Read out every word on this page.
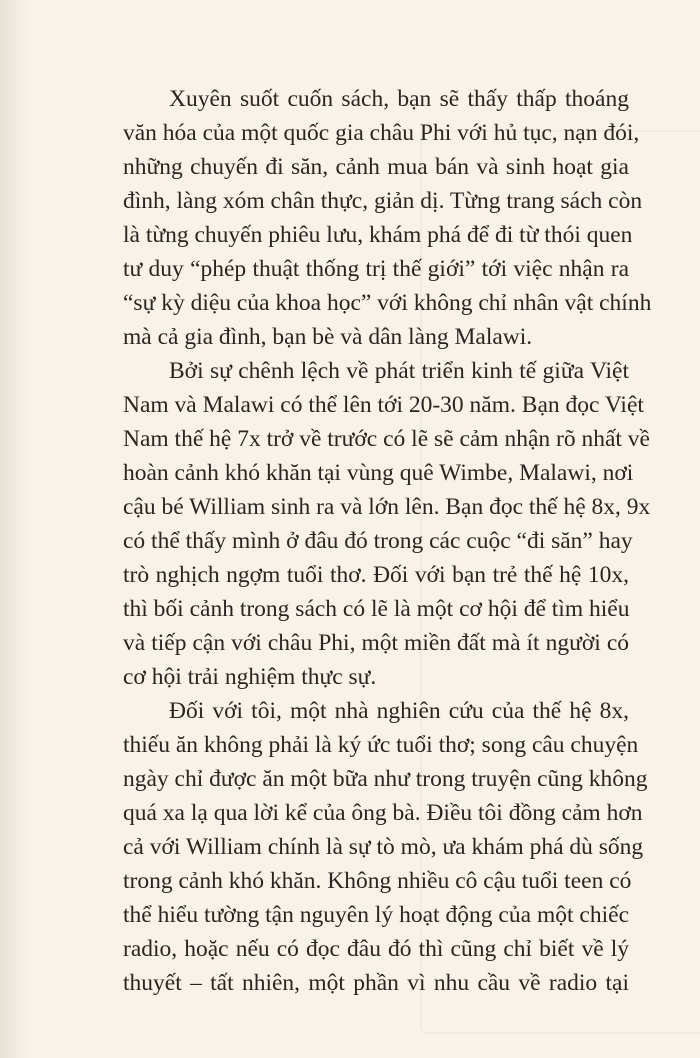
Xuyên suốt cuốn sách, bạn sẽ thấy thấp thoáng
văn hóa của một quốc gia châu Phi với hủ tục, nạn đói,
những chuyến đi săn, cảnh mua bán và sinh hoạt gia
đình, làng xóm chân thực, giản dị. Từng trang sách còn
là từng chuyến phiêu lưu, khám phá để đi từ thói quen
tư duy “phép thuật thống trị thế giới” tới việc nhận ra
“sự kỳ diệu của khoa học” với không chỉ nhân vật chính
mà cả gia đình, bạn bè và dân làng Malawi.
Bởi sự chênh lệch về phát triển kinh tế giữa Việt
Nam và Malawi có thể lên tới 20-30 năm. Bạn đọc Việt
Nam thế hệ 7x trở về trước có lẽ sẽ cảm nhận rõ nhất về
hoàn cảnh khó khăn tại vùng quê Wimbe, Malawi, nơi
cậu bé William sinh ra và lớn lên. Bạn đọc thế hệ 8x, 9x
có thể thấy mình ở đâu đó trong các cuộc “đi săn” hay
trò nghịch ngợm tuổi thơ. Đối với bạn trẻ thế hệ 10x,
thì bối cảnh trong sách có lẽ là một cơ hội để tìm hiểu
và tiếp cận với châu Phi, một miền đất mà ít người có
cơ hội trải nghiệm thực sự.
Đối với tôi, một nhà nghiên cứu của thế hệ 8x,
thiếu ăn không phải là ký ức tuổi thơ; song câu chuyện
ngày chỉ được ăn một bữa như trong truyện cũng không
quá xa lạ qua lời kể của ông bà. Điều tôi đồng cảm hơn
cả với William chính là sự tò mò, ưa khám phá dù sống
trong cảnh khó khăn. Không nhiều cô cậu tuổi teen có
thể hiểu tường tận nguyên lý hoạt động của một chiếc
radio, hoặc nếu có đọc đâu đó thì cũng chỉ biết về lý
thuyết – tất nhiên, một phần vì nhu cầu về radio tại
